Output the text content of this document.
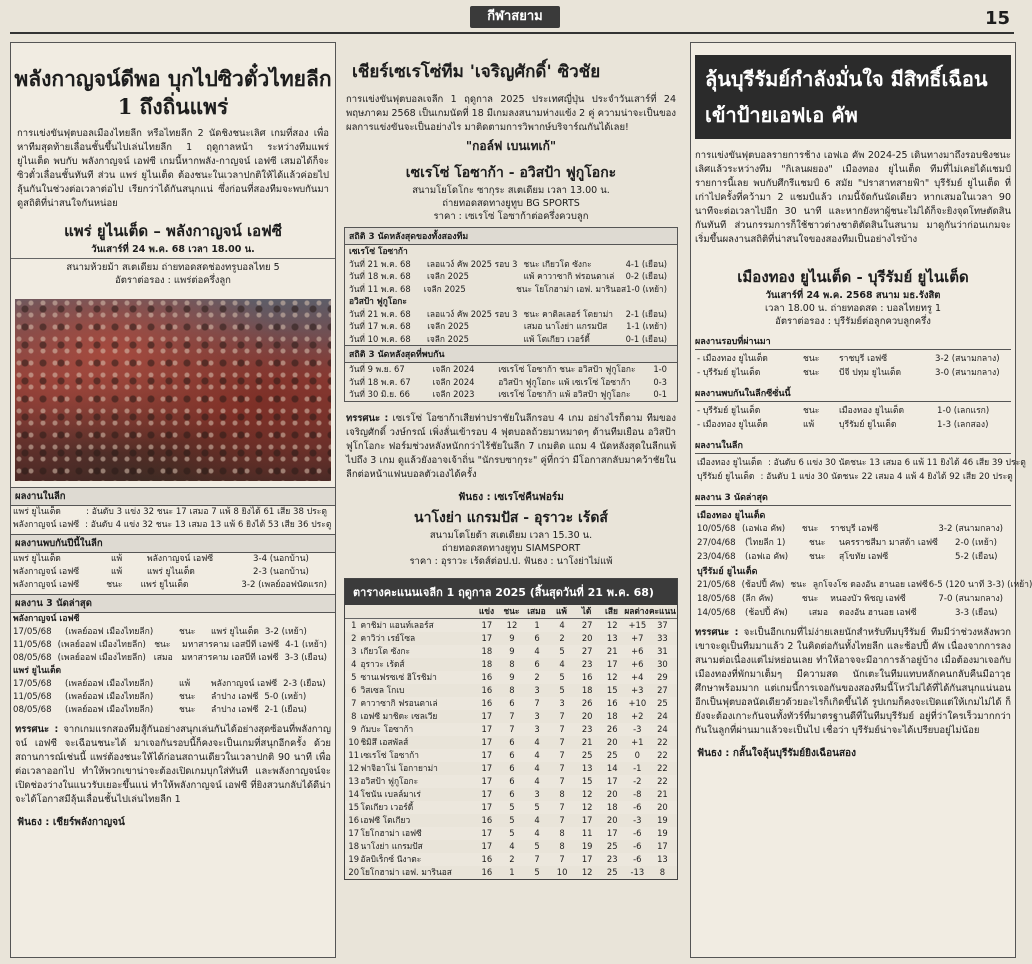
กีฬาสยาม	15
พลังกาญจน์ดีพอ บุกไปซิวตั๋วไทยลีก 1 ถึงถิ่นแพร่
การแข่งขันฟุตบอลเมืองไทยลีก หรือไทยลีก 2 นัดชิงชนะเลิศ เกมที่สอง เพื่อหาทีมสุดท้ายเลื่อนชั้นขึ้นไปเล่นไทยลีก 1 ฤดูกาลหน้า ระหว่างทีมแพร่ ยูไนเต็ด พบกับ พลังกาญจน์ เอฟซี เกมนี้หากพลัง-กาญจน์ เอฟซี เสมอได้ก็จะซิวตั๋วเลื่อนชั้นทันที ส่วน แพร่ ยูไนเต็ด ต้องชนะในเวลาปกติให้ได้แล้วค่อยไปลุ้นกันในช่วงต่อเวลาต่อไป เรียกว่าได้กันสนุกแน่ ซึ่งก่อนที่สองทีมจะพบกันมาดูสถิติที่น่าสนใจกันหน่อย
แพร่ ยูไนเต็ด – พลังกาญจน์ เอฟซี
วันเสาร์ที่ 24 พ.ค. 68 เวลา 18.00 น.
สนามห้วยม้า สเตเดียม ถ่ายทอดสดช่องทรูบอลไทย 5
อัตราต่อรอง : แพร่ต่อครึ่งลูก
ผลงานในลีก
แพร่ ยูไนเต็ด	: อันดับ 3 แข่ง 32 ชนะ 17 เสมอ 7 แพ้ 8 ยิงได้ 61 เสีย 38 ประตู
พลังกาญจน์ เอฟซี : อันดับ 4 แข่ง 32 ชนะ 13 เสมอ 13 แพ้ 6 ยิงได้ 53 เสีย 36 ประตู
ผลงานพบกันปีนี้ในลีก
แพร่ ยูไนเต็ด	แพ้	พลังกาญจน์ เอฟซี	3-4 (นอกบ้าน)
พลังกาญจน์ เอฟซี	แพ้	แพร่ ยูไนเต็ด	2-3 (นอกบ้าน)
พลังกาญจน์ เอฟซี	ชนะ	แพร่ ยูไนเต็ด	3-2 (เพลย์ออฟนัดแรก)
ผลงาน 3 นัดล่าสุด
พลังกาญจน์ เอฟซี
17/05/68	(เพลย์ออฟ เมืองไทยลีก)	ชนะ	แพร่ ยูไนเต็ด 3-2 (เหย้า)
11/05/68 (เพลย์ออฟ เมืองไทยลีก) ชนะ	มหาสารคาม เอสบีที เอฟซี 4-1 (เหย้า)
08/05/68 (เพลย์ออฟ เมืองไทยลีก) เสมอ	มหาสารคาม เอสบีที เอฟซี 3-3 (เยือน)
แพร่ ยูไนเต็ด
17/05/68	(เพลย์ออฟ เมืองไทยลีก)	แพ้	พลังกาญจน์ เอฟซี 2-3 (เยือน)
11/05/68	(เพลย์ออฟ เมืองไทยลีก)	ชนะ	ลำปาง เอฟซี 5-0 (เหย้า)
08/05/68	(เพลย์ออฟ เมืองไทยลีก)	ชนะ	ลำปาง เอฟซี 2-1 (เยือน)
ทรรศนะ : จากเกมแรกสองทีมสู้กันอย่างสนุกเล่นกันได้อย่างสุดซ้อนที่พลังกาญจน์ เอฟซี จะเฉือนชนะได้ มาเจอกันรอบนี้ก็คงจะเป็นเกมที่สนุกอีกครั้ง ด้วยสถานการณ์เช่นนี้ แพร่ต้องชนะให้ได้ก่อนสถานเดียวในเวลาปกติ 90 นาที เพื่อต่อเวลาออกไป ทำให้พวกเขาน่าจะต้องเปิดเกมบุกใส่ทันที และพลังกาญจน์จะเปิดช่องว่างในแนวรับเยอะขึ้นแน่ ทำให้พลังกาญจน์ เอฟซี ที่ยิงสวนกลับได้ดีน่าจะได้โอกาสมีลุ้นเลื่อนชั้นไปเล่นไทยลีก 1
ฟันธง : เชียร์พลังกาญจน์
เชียร์เซเรโซ่ทีม 'เจริญศักดิ์' ซิวชัย
การแข่งขันฟุตบอลเจลีก 1 ฤดูกาล 2025 ประเทศญี่ปุ่น ประจำวันเสาร์ที่ 24 พฤษภาคม 2568 เป็นเกมนัดที่ 18 มีเกมลงสนามห่างแข้ง 2 คู่ ความน่าจะเป็นของผลการแข่งขันจะเป็นอย่างไร มาติดตามการวิพากษ์บริจาร์ณกันได้เลย!
"กอล์ฟ เบนเทเก้"
เซเรโซ่ โอซาก้า - อวิสป้า ฟูกูโอกะ
สนามโยโดโกะ ซากุระ สเตเดียม เวลา 13.00 น.
ถ่ายทอดสดทางยูทูบ BG SPORTS
ราคา : เซเรโซ่ โอซาก้าต่อครึ่งควบลูก
สถิติ 3 นัดหลังสุดของทั้งสองทีม
เซเรโซ่ โอซาก้า
วันที่ 21 พ.ค. 68	เลอแวง์ คัพ 2025 รอบ 3 ชนะ เกียวโต ซังกะ	4-1 (เยือน)
วันที่ 18 พ.ค. 68	เจลีก 2025	แพ้ คาวาซากิ ฟรอนตาเล่	0-2 (เยือน)
วันที่ 11 พ.ค. 68	เจลีก 2025	ชนะ โยโกฮาม่า เอฟ. มารินอส 1-0 (เหย้า)
อวิสป้า ฟูกูโอกะ
วันที่ 21 พ.ค. 68	เลอแวง์ คัพ 2025 รอบ 3 ชนะ คาติลเลอร์ โตยาม่า	2-1 (เยือน)
วันที่ 17 พ.ค. 68	เจลีก 2025	เสมอ นาโงย่า แกรมปัส	1-1 (เหย้า)
วันที่ 10 พ.ค. 68	เจลีก 2025	แพ้ โตเกียว เวอร์ดี้	0-1 (เยือน)
สถิติ 3 นัดหลังสุดที่พบกัน
วันที่ 9 พ.ย. 67	เจลีก 2024	เซเรโซ่ โอซาก้า ชนะ อวิสป้า ฟูกูโอกะ	1-0
วันที่ 18 พ.ค. 67	เจลีก 2024	อวิสป้า ฟูกูโอกะ แพ้ เซเรโซ่ โอซาก้า	0-3
วันที่ 30 มิ.ย. 66	เจลีก 2023	เซเรโซ่ โอซาก้า แพ้ อวิสป้า ฟูกูโอกะ	0-1
ทรรศนะ : เซเรโซ่ โอซาก้าเสียท่าปราชัยในลีกรอบ 4 เกม อย่างไรก็ตาม ทีมของ เจริญศักดิ์ วงษ์กรณ์ เพิ่งลั่นเข้ารอบ 4 ฟุตบอลถ้วยมาหมาดๆ ด้านทีมเยือน อวิสป้า ฟูโกโอกะ ฟอร์มช่วงหลังหนักกว่าไร้ชัยในลีก 7 เกมติด แถม 4 นัดหลังสุดในลีกแพ้ไปถึง 3 เกม ดูแล้วยังอาจเจ้าถิ่น "นักรบซากุระ" คู่ที่กว่า มีโอกาสกลับมาคว้าชัยในลีกต่อหน้าแฟนบอลตัวเองได้ครั้ง
ฟันธง : เซเรโซ่คืนฟอร์ม
นาโงย่า แกรมปัส - อุราวะ เร้ดส์
สนามโตโยต้า สเตเดียม เวลา 15.30 น.
ถ่ายทอดสดทางยูทูบ SIAMSPORT
ราคา : อุราวะ เร้ดส์ต่อป.ป. ฟันธง : นาโงย่าไม่แพ้
ตารางคะแนนเจลีก 1 ฤดูกาล 2025 (สิ้นสุดวันที่ 21 พ.ค. 68)
แข่ง	ชนะ เสมอ	แพ้	ได้	เสีย ผลต่าง คะแนน
1 คาชิม่า แอนท์เลอร์ส	17	12	1	4	27	12	+15	37
2 คาวิว่า เรย์โซล	17	9	6	2	20	13	+7	33
3 เกียวโต ซังกะ	18	9	4	5	27	21	+6	31
4 อุราวะ เร้ดส์	18	8	6	4	23	17	+6	30
5 ซานเฟรซเซ่ ฮิโรชิม่า	16	9	2	5	16	12	+4	29
6 วิสเซล โกเบ	16	8	3	5	18	15	+3	27
7 คาวาซากิ ฟรอนตาเล่	16	6	7	3	26	16	+10	25
8 เอฟซี มาชิดะ เซลเวีย	17	7	3	7	20	18	+2	24
9 กัมบะ โอซาก้า	17	7	3	7	23	26	-3	24
10 ชิมิสึ เอสพัลส์	17	6	4	7	21	20	+1	22
11 เซเรโซ่ โอซาก้า	17	6	4	7	25	25	0	22
12 ฟาจิอาโน่ โอกายาม่า	17	6	4	7	13	14	-1	22
13 อวิสป้า ฟูกูโอกะ	17	6	4	7	15	17	-2	22
14 โชนัน เบลล์มาเร่	17	6	3	8	12	20	-8	21
15 โตเกียว เวอร์ดี้	17	5	5	7	12	18	-6	20
16 เอฟซี โตเกียว	16	5	4	7	17	20	-3	19
17 โยโกฮาม่า เอฟซี	17	5	4	8	11	17	-6	19
18 นาโงย่า แกรมปัส	17	4	5	8	19	25	-6	17
19 อัลบิเร็กซ์ นีงาตะ	16	2	7	7	17	23	-6	13
20 โยโกฮาม่า เอฟ. มารินอส	16	1	5	10	12	25	-13	8
ลุ้นบุรีรัมย์กำลังมั่นใจ มีสิทธิ์เฉือนเข้าป้ายเอฟเอ คัพ
การแข่งขันฟุตบอลรายการช้าง เอฟเอ คัพ 2024-25 เดินทางมาถึงรอบชิงชนะเลิศแล้วระหว่างทีม "กิเลนผยอง" เมืองทอง ยูไนเต็ด ทีมที่ไม่เคยได้แชมป์รายการนี้เลย พบกับศึกรีแชมป์ 6 สมัย "ปราสาทสายฟ้า" บุรีรัมย์ ยูไนเต็ด ที่เก่าไปครั้งที่คว้ามา 2 แชมป์แล้ว เกมนี้จัดกันนัดเดียว หากเสมอในเวลา 90 นาทีจะต่อเวลาไปอีก 30 นาที และหากยังหาผู้ชนะไม่ได้ก็จะยิงจุดโทษตัดสินกันทันที ส่วนกรรมการก็ใช้ชาวต่างชาติตัดสินในสนาม มาดูกันว่าก่อนเกมจะเริ่มขึ้นผลงานสถิติที่น่าสนใจของสองทีมเป็นอย่างไรบ้าง
เมืองทอง ยูไนเต็ด - บุรีรัมย์ ยูไนเต็ด
วันเสาร์ที่ 24 พ.ค. 2568 สนาม มธ.รังสิต
เวลา 18.00 น. ถ่ายทอดสด : บอลไทยทรู 1
อัตราต่อรอง : บุรีรัมย์ต่อลูกควบลูกครึ่ง
ผลงานรอบที่ผ่านมา
- เมืองทอง ยูไนเต็ด	ชนะ	ราชบุรี เอฟซี	3-2 (สนามกลาง)
- บุรีรัมย์ ยูไนเต็ด	ชนะ	บีจี ปทุม ยูไนเต็ด	3-0 (สนามกลาง)
ผลงานพบกันในลีกซีซั่นนี้
- บุรีรัมย์ ยูไนเต็ด	ชนะ	เมืองทอง ยูไนเต็ด	1-0 (เลกแรก)
- เมืองทอง ยูไนเต็ด	แพ้	บุรีรัมย์ ยูไนเต็ด	1-3 (เลกสอง)
ผลงานในลีก
เมืองทอง ยูไนเต็ด : อันดับ 6 แข่ง 30 นัดชนะ 13 เสมอ 6 แพ้ 11 ยิงได้ 46 เสีย 39 ประตู
บุรีรัมย์ ยูไนเต็ด : อันดับ 1 แข่ง 30 นัดชนะ 22 เสมอ 4 แพ้ 4 ยิงได้ 92 เสีย 20 ประตู
ผลงาน 3 นัดล่าสุด
เมืองทอง ยูไนเต็ด
10/05/68 (เอฟเอ คัพ)	ชนะ	ราชบุรี เอฟซี	3-2 (สนามกลาง)
27/04/68	(ไทยลีก 1)	ชนะ	นครราชสีมา มาสด้า เอฟซี	2-0 (เหย้า)
23/04/68	(เอฟเอ คัพ)	ชนะ	สุโขทัย เอฟซี	5-2 (เยือน)
บุรีรัมย์ ยูไนเต็ด
21/05/68 (ช้อปปี้ คัพ) ชนะ ลูกโจงโซ ดองอัน ฮานอย เอฟซี 6-5 (120 นาที 3-3) (เหย้า)
18/05/68 (ลีก คัพ)	ชนะ	หนองบัว พิชญ เอฟซี	7-0 (สนามกลาง)
14/05/68	(ช้อปปี้ คัพ)	เสมอ	ดองอัน ฮานอย เอฟซี	3-3 (เยือน)
ทรรศนะ : จะเป็นอีกเกมที่ไม่ง่ายเลยนักสำหรับทีมบุรีรัมย์ ทีมมีว่าช่วงหลังพวกเขาจะดูเป็นทีมมาแล้ว 2 ในคิดต่อกันทั้งไทยลีก และช้อปปี้ คัพ เนื่องจากการลงสนามต่อเนื่องแต่ไม่หย่อนเลย ทำให้อาจจะมีอาการล้าอยู่บ้าง เมื่อต้องมาเจอกับเมืองทองที่พักมาเต็มๆ มีความสด นักเตะในทีมแทบหลักคนกลับคืนมีอาวุธศึกษาพร้อมมาก แต่เกมนี้การเจอกันของสองทีมนี้โหว่ไม่ได้ที่ได้กันสนุกแน่นอน อีกเป็นฟุตบอลนัดเดียวด้วยอะไรก็เกิดขึ้นได้ รูปเกมก็คงจะเปิดแต่ให้เกมไม่ได้ ก็ยังจะต้องเกาะกันจนทั้งทัวร์ที่มาตรฐานดีที่ในทีมบุรีรัมย์ อยู่ที่ว่าใครเร็วมากกว่ากันในลูกที่ผ่านมาแล้วจะเป็นไป เชื่อว่า บุรีรัมย์น่าจะได้เปรียบอยู่ไม่น้อย
ฟันธง : กลั้นใจลุ้นบุรีรัมย์ยิงเฉือนสอง
